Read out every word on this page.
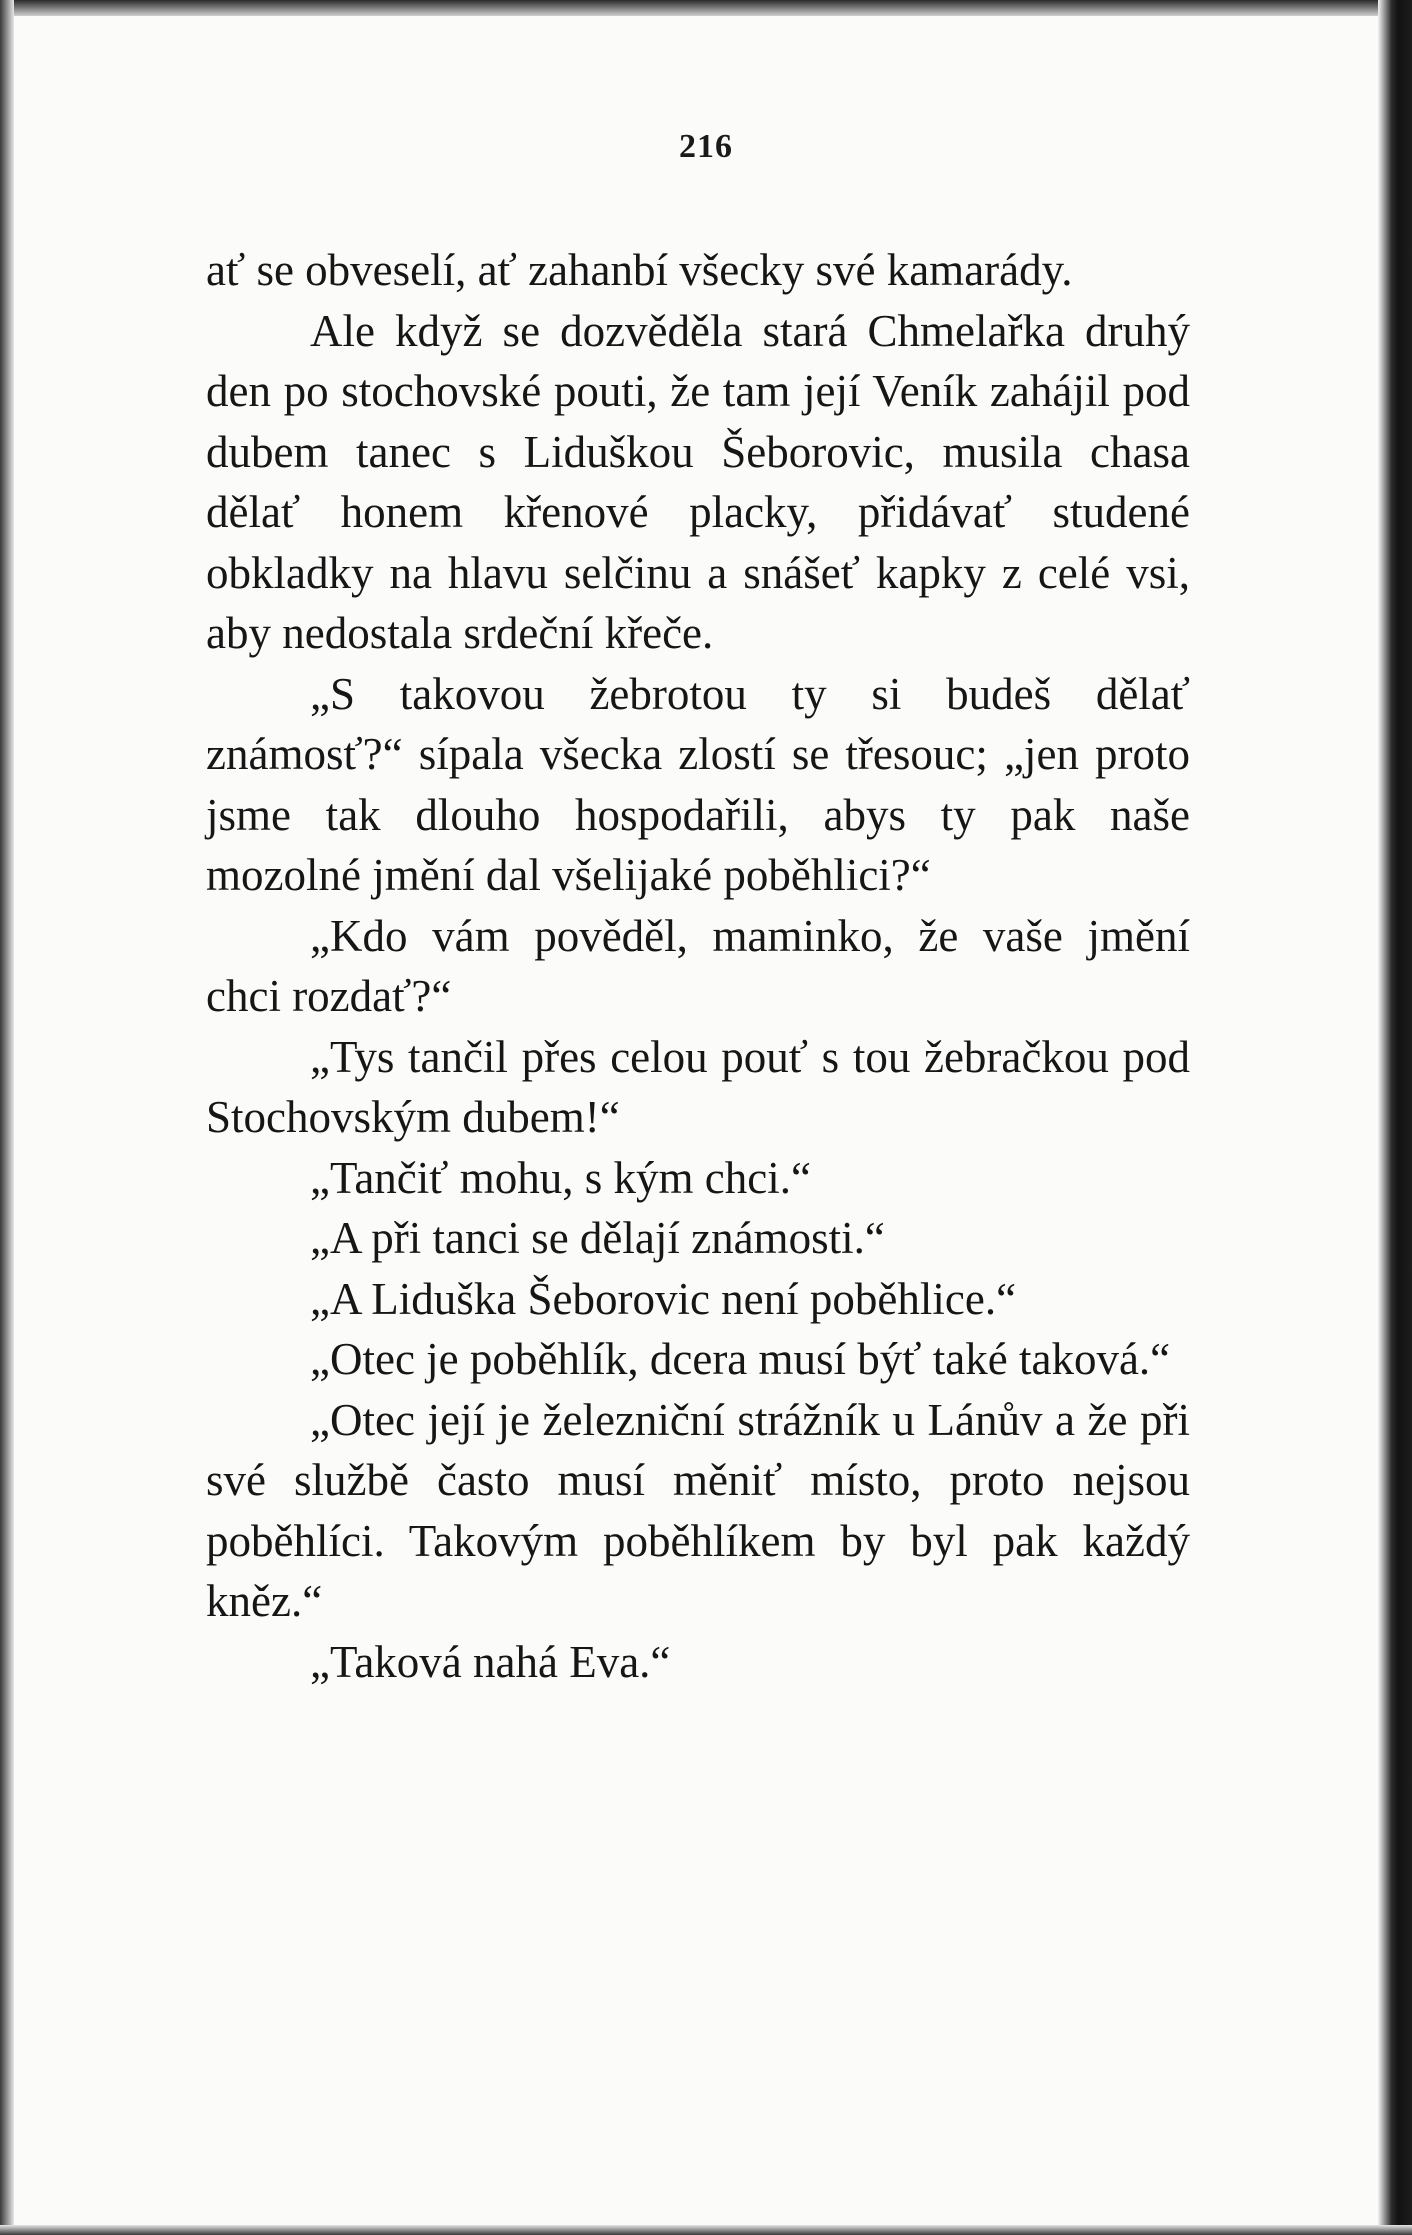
216

ať se obveselí, ať zahanbí všecky své kamarády.

Ale když se dozvěděla stará Chmelařka druhý den po stochovské pouti, že tam její Veník zahájil pod dubem tanec s Liduškou Šeborovic, musila chasa dělať honem křenové placky, přidávať studené obkladky na hlavu selčinu a snášeť kapky z celé vsi, aby nedostala srdeční křeče.

„S takovou žebrotou ty si budeš dělať známosť?“ sípala všecka zlostí se třesouc; „jen proto jsme tak dlouho hospodařili, abys ty pak naše mozolné jmění dal všelijaké poběhlici?“

„Kdo vám pověděl, maminko, že vaše jmění chci rozdať?“

„Tys tančil přes celou pouť s tou žebračkou pod Stochovským dubem!“

„Tančiť mohu, s kým chci.“

„A při tanci se dělají známosti.“

„A Liduška Šeborovic není poběhlice.“

„Otec je poběhlík, dcera musí býť také taková.“

„Otec její je železniční strážník u Lánův a že při své službě často musí měniť místo, proto nejsou poběhlíci. Takovým poběhlíkem by byl pak každý kněz.“

„Taková nahá Eva.“
